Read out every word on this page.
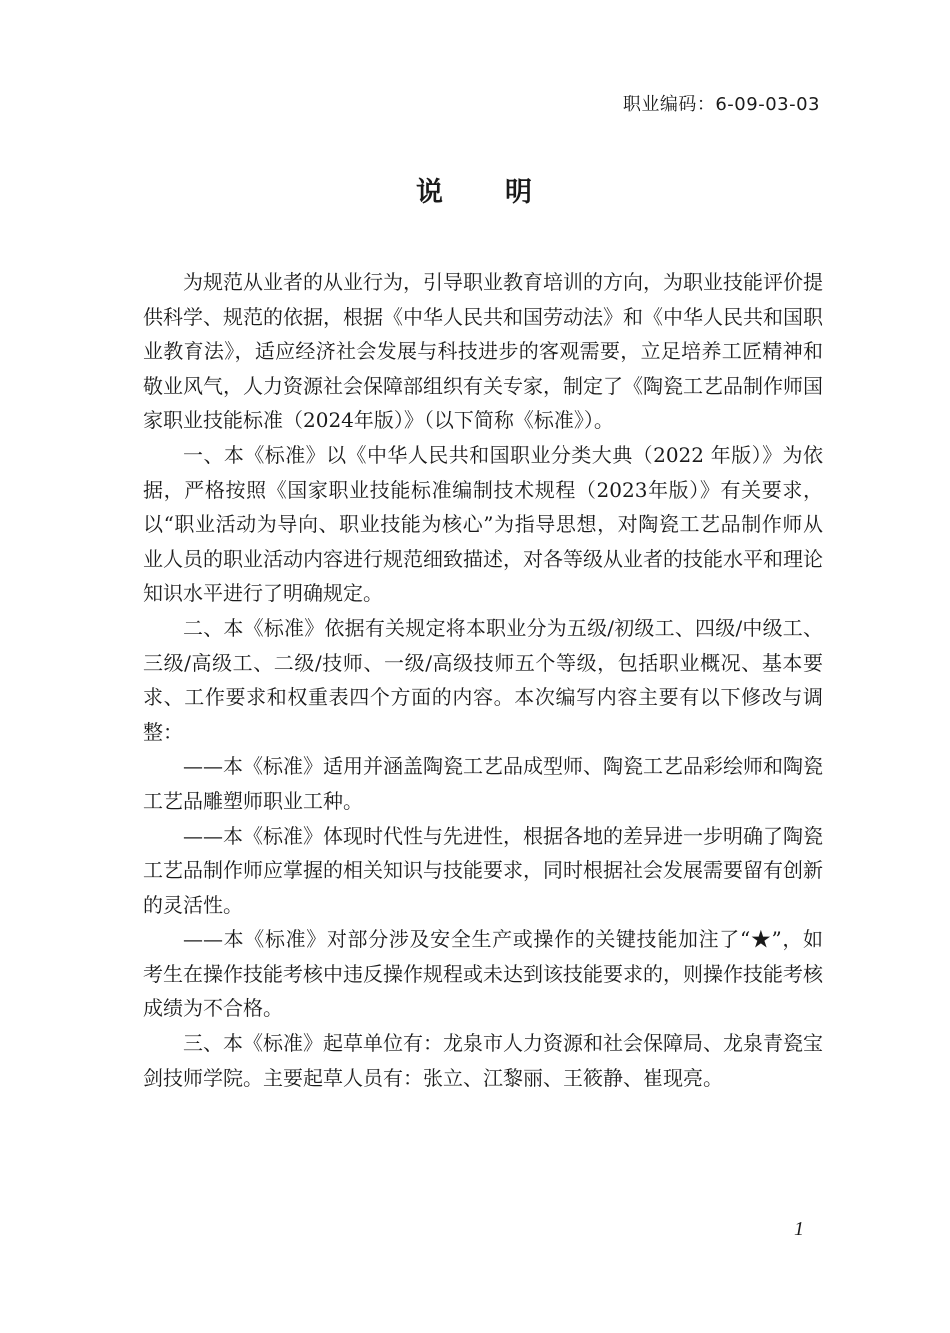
职业编码：6-09-03-03
说 明

为规范从业者的从业行为，引导职业教育培训的方向，为职业技能评价提供科学、规范的依据，根据《中华人民共和国劳动法》和《中华人民共和国职业教育法》，适应经济社会发展与科技进步的客观需要，立足培养工匠精神和敬业风气，人力资源社会保障部组织有关专家，制定了《陶瓷工艺品制作师国家职业技能标准（2024年版）》（以下简称《标准》）。

一、本《标准》以《中华人民共和国职业分类大典（2022 年版）》为依据，严格按照《国家职业技能标准编制技术规程（2023年版）》有关要求，以“职业活动为导向、职业技能为核心”为指导思想，对陶瓷工艺品制作师从业人员的职业活动内容进行规范细致描述，对各等级从业者的技能水平和理论知识水平进行了明确规定。

二、本《标准》依据有关规定将本职业分为五级/初级工、四级/中级工、三级/高级工、二级/技师、一级/高级技师五个等级，包括职业概况、基本要求、工作要求和权重表四个方面的内容。本次编写内容主要有以下修改与调整：

——本《标准》适用并涵盖陶瓷工艺品成型师、陶瓷工艺品彩绘师和陶瓷工艺品雕塑师职业工种。

——本《标准》体现时代性与先进性，根据各地的差异进一步明确了陶瓷工艺品制作师应掌握的相关知识与技能要求，同时根据社会发展需要留有创新的灵活性。

——本《标准》对部分涉及安全生产或操作的关键技能加注了“★”，如考生在操作技能考核中违反操作规程或未达到该技能要求的，则操作技能考核成绩为不合格。

三、本《标准》起草单位有：龙泉市人力资源和社会保障局、龙泉青瓷宝剑技师学院。主要起草人员有：张立、江黎丽、王筱静、崔现亮。

1
